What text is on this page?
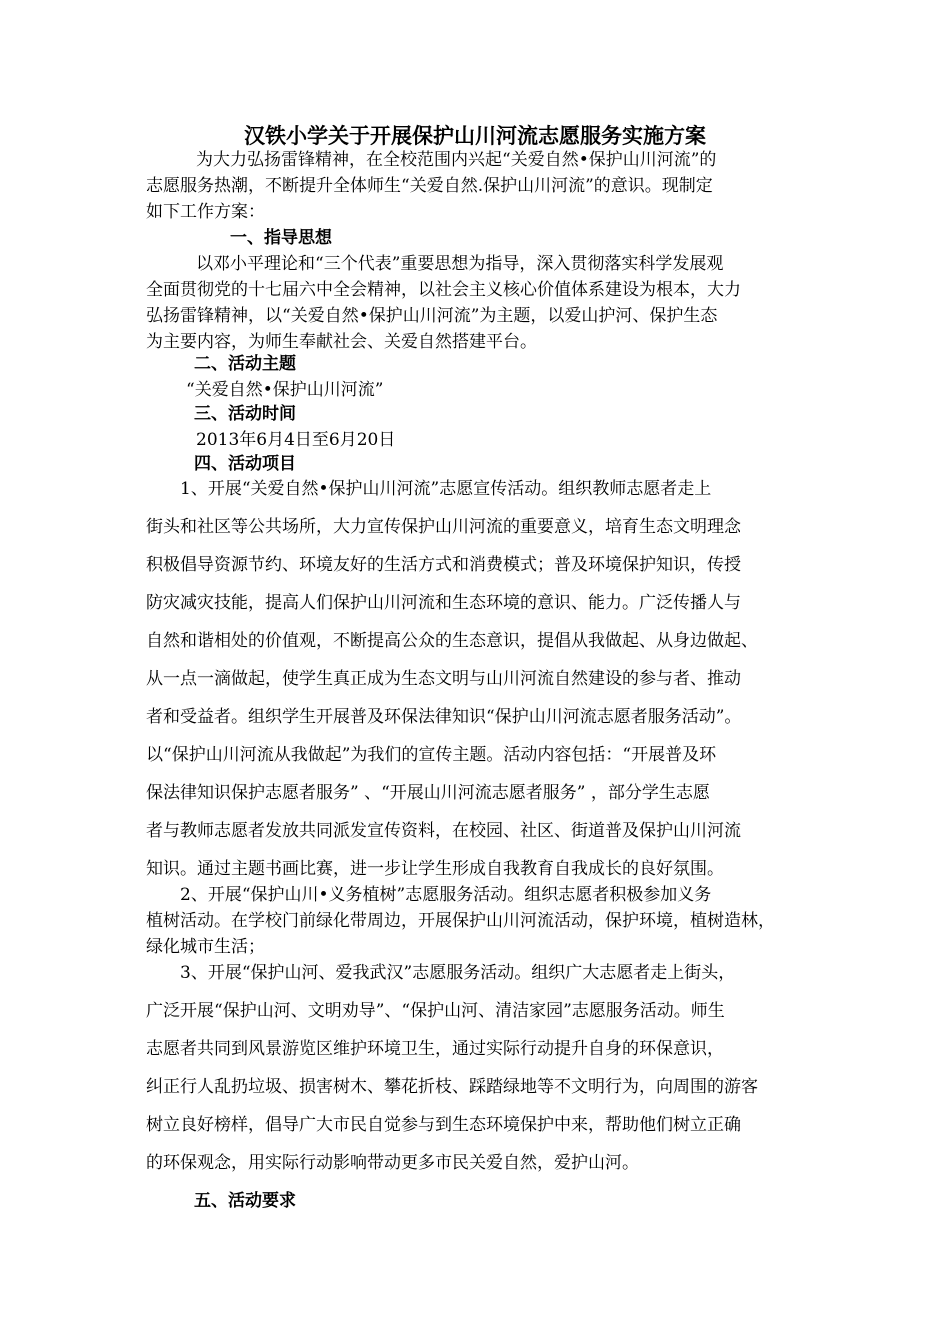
汉铁小学关于开展保护山川河流志愿服务实施方案
为大力弘扬雷锋精神，在全校范围内兴起“关爱自然•保护山川河流”的
志愿服务热潮，不断提升全体师生“关爱自然.保护山川河流”的意识。现制定
如下工作方案：
一、指导思想
以邓小平理论和“三个代表”重要思想为指导，深入贯彻落实科学发展观
全面贯彻党的十七届六中全会精神，以社会主义核心价值体系建设为根本，大力
弘扬雷锋精神，以“关爱自然•保护山川河流”为主题，以爱山护河、保护生态
为主要内容，为师生奉献社会、关爱自然搭建平台。
二、活动主题
“关爱自然•保护山川河流”
三、活动时间
2013年6月4日至6月20日
四、活动项目
1、开展“关爱自然•保护山川河流”志愿宣传活动。组织教师志愿者走上
街头和社区等公共场所，大力宣传保护山川河流的重要意义，培育生态文明理念
积极倡导资源节约、环境友好的生活方式和消费模式；普及环境保护知识，传授
防灾减灾技能，提高人们保护山川河流和生态环境的意识、能力。广泛传播人与
自然和谐相处的价值观，不断提高公众的生态意识，提倡从我做起、从身边做起、
从一点一滴做起，使学生真正成为生态文明与山川河流自然建设的参与者、推动
者和受益者。组织学生开展普及环保法律知识“保护山川河流志愿者服务活动”。
以“保护山川河流从我做起”为我们的宣传主题。活动内容包括：“开展普及环
保法律知识保护志愿者服务” 、“开展山川河流志愿者服务” ，部分学生志愿
者与教师志愿者发放共同派发宣传资料，在校园、社区、街道普及保护山川河流
知识。通过主题书画比赛，进一步让学生形成自我教育自我成长的良好氛围。
2、开展“保护山川•义务植树”志愿服务活动。组织志愿者积极参加义务
植树活动。在学校门前绿化带周边，开展保护山川河流活动，保护环境，植树造林，
绿化城市生活；
3、开展“保护山河、爱我武汉”志愿服务活动。组织广大志愿者走上街头，
广泛开展“保护山河、文明劝导”、“保护山河、清洁家园”志愿服务活动。师生
志愿者共同到风景游览区维护环境卫生，通过实际行动提升自身的环保意识，
纠正行人乱扔垃圾、损害树木、攀花折枝、踩踏绿地等不文明行为，向周围的游客
树立良好榜样，倡导广大市民自觉参与到生态环境保护中来，帮助他们树立正确
的环保观念，用实际行动影响带动更多市民关爱自然，爱护山河。
五、活动要求
